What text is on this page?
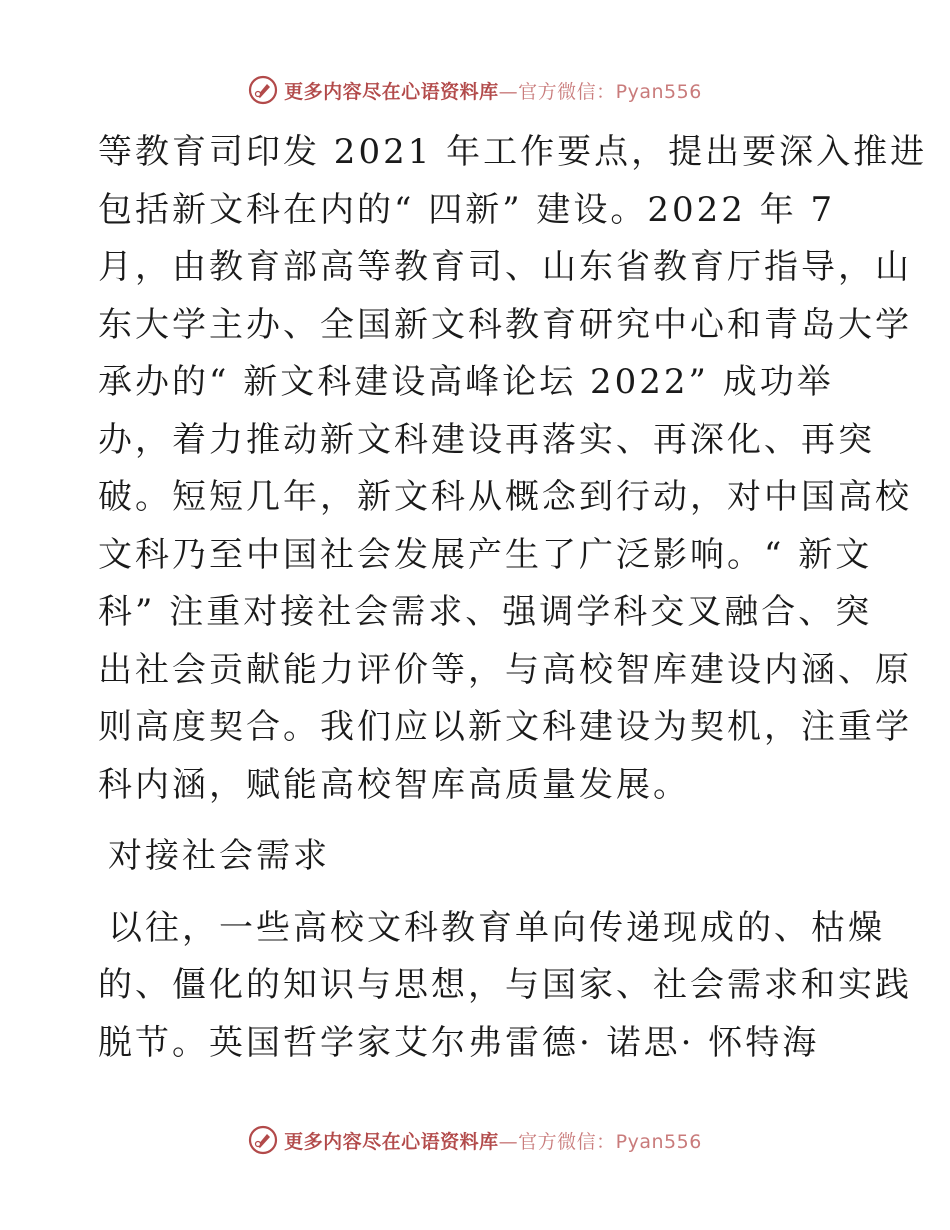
更多内容尽在心语资料库—官方微信：Pyan556
等教育司印发 2021 年工作要点，提出要深入推进
包括新文科在内的“ 四新” 建设。2022 年 7
月，由教育部高等教育司、山东省教育厅指导，山
东大学主办、全国新文科教育研究中心和青岛大学
承办的“ 新文科建设高峰论坛 2022” 成功举
办，着力推动新文科建设再落实、再深化、再突
破。短短几年，新文科从概念到行动，对中国高校
文科乃至中国社会发展产生了广泛影响。“ 新文
科” 注重对接社会需求、强调学科交叉融合、突
出社会贡献能力评价等，与高校智库建设内涵、原
则高度契合。我们应以新文科建设为契机，注重学
科内涵，赋能高校智库高质量发展。
对接社会需求
以往，一些高校文科教育单向传递现成的、枯燥
的、僵化的知识与思想，与国家、社会需求和实践
脱节。英国哲学家艾尔弗雷德· 诺思· 怀特海
更多内容尽在心语资料库—官方微信：Pyan556
